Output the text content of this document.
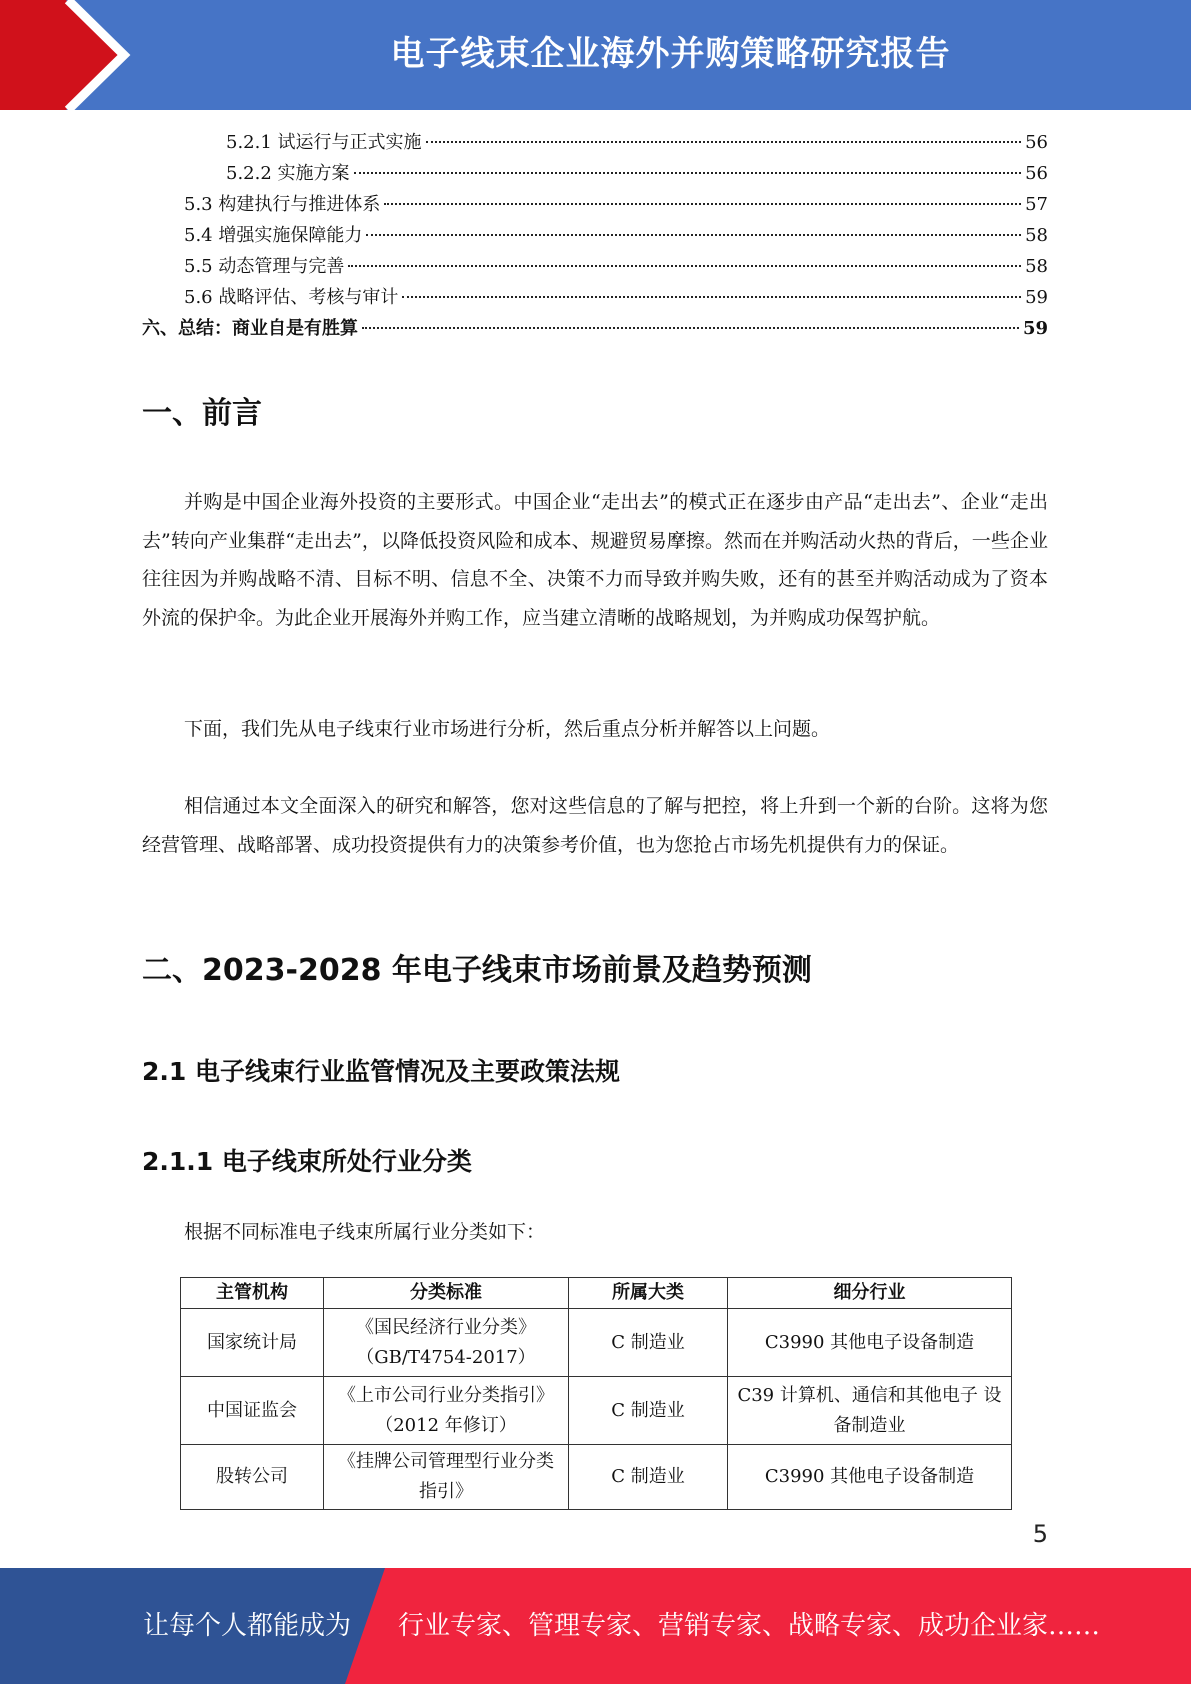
电子线束企业海外并购策略研究报告
5.2.1 试运行与正式实施	56
5.2.2 实施方案	56
5.3 构建执行与推进体系	57
5.4 增强实施保障能力	58
5.5 动态管理与完善	58
5.6 战略评估、考核与审计	59
六、总结：商业自是有胜算	59
一、前言

并购是中国企业海外投资的主要形式。中国企业“走出去”的模式正在逐步由产品“走出去”、企业“走出去”转向产业集群“走出去”，以降低投资风险和成本、规避贸易摩擦。然而在并购活动火热的背后，一些企业往往因为并购战略不清、目标不明、信息不全、决策不力而导致并购失败，还有的甚至并购活动成为了资本外流的保护伞。为此企业开展海外并购工作，应当建立清晰的战略规划，为并购成功保驾护航。

下面，我们先从电子线束行业市场进行分析，然后重点分析并解答以上问题。

相信通过本文全面深入的研究和解答，您对这些信息的了解与把控，将上升到一个新的台阶。这将为您经营管理、战略部署、成功投资提供有力的决策参考价值，也为您抢占市场先机提供有力的保证。

二、2023-2028 年电子线束市场前景及趋势预测
2.1 电子线束行业监管情况及主要政策法规
2.1.1 电子线束所处行业分类

根据不同标准电子线束所属行业分类如下：

主管机构	分类标准	所属大类	细分行业
国家统计局	《国民经济行业分类》（GB/T4754-2017）	C 制造业	C3990 其他电子设备制造
中国证监会	《上市公司行业分类指引》（2012 年修订）	C 制造业	C39 计算机、通信和其他电子 设备制造业
股转公司	《挂牌公司管理型行业分类指引》	C 制造业	C3990 其他电子设备制造
5
让每个人都能成为 行业专家、管理专家、营销专家、战略专家、成功企业家……
